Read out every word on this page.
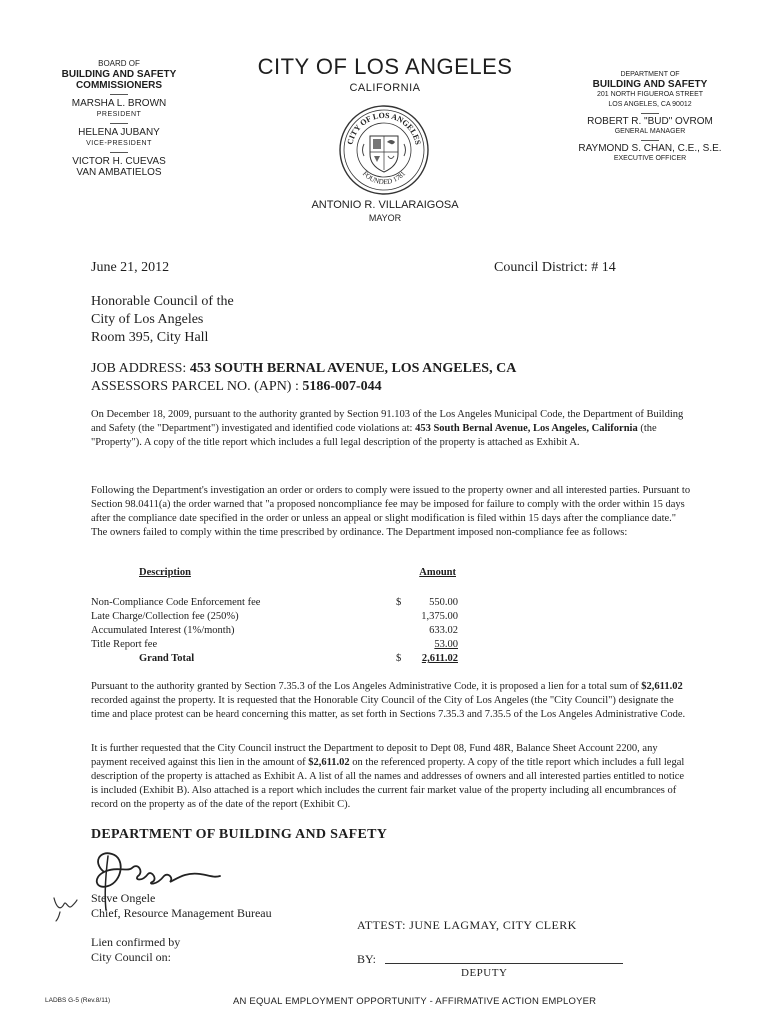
BOARD OF
BUILDING AND SAFETY
COMMISSIONERS
MARSHA L. BROWN
PRESIDENT
HELENA JUBANY
VICE-PRESIDENT
VICTOR H. CUEVAS
VAN AMBATIELOS
CITY OF LOS ANGELES
CALIFORNIA
CITY OF LOS ANGELES
FOUNDED 1781
ANTONIO R. VILLARAIGOSA
MAYOR
DEPARTMENT OF
BUILDING AND SAFETY
201 NORTH FIGUEROA STREET
LOS ANGELES, CA 90012
ROBERT R. "BUD" OVROM
GENERAL MANAGER
RAYMOND S. CHAN, C.E., S.E.
EXECUTIVE OFFICER
June 21, 2012	Council District: # 14
Honorable Council of the
City of Los Angeles
Room 395, City Hall
JOB ADDRESS: 453 SOUTH BERNAL AVENUE, LOS ANGELES, CA
ASSESSORS PARCEL NO. (APN) : 5186-007-044
On December 18, 2009, pursuant to the authority granted by Section 91.103 of the Los Angeles Municipal Code, the Department of Building and Safety (the "Department") investigated and identified code violations at: 453 South Bernal Avenue, Los Angeles, California (the "Property"). A copy of the title report which includes a full legal description of the property is attached as Exhibit A.
Following the Department's investigation an order or orders to comply were issued to the property owner and all interested parties. Pursuant to Section 98.0411(a) the order warned that "a proposed noncompliance fee may be imposed for failure to comply with the order within 15 days after the compliance date specified in the order or unless an appeal or slight modification is filed within 15 days after the compliance date." The owners failed to comply within the time prescribed by ordinance. The Department imposed non-compliance fee as follows:
Description	Amount
Non-Compliance Code Enforcement fee	$	550.00
Late Charge/Collection fee (250%)	1,375.00
Accumulated Interest (1%/month)	633.02
Title Report fee	53.00
Grand Total	$ 2,611.02
Pursuant to the authority granted by Section 7.35.3 of the Los Angeles Administrative Code, it is proposed a lien for a total sum of $2,611.02 recorded against the property. It is requested that the Honorable City Council of the City of Los Angeles (the "City Council") designate the time and place protest can be heard concerning this matter, as set forth in Sections 7.35.3 and 7.35.5 of the Los Angeles Administrative Code.
It is further requested that the City Council instruct the Department to deposit to Dept 08, Fund 48R, Balance Sheet Account 2200, any payment received against this lien in the amount of $2,611.02 on the referenced property. A copy of the title report which includes a full legal description of the property is attached as Exhibit A. A list of all the names and addresses of owners and all interested parties entitled to notice is included (Exhibit B). Also attached is a report which includes the current fair market value of the property including all encumbrances of record on the property as of the date of the report (Exhibit C).
DEPARTMENT OF BUILDING AND SAFETY
Steve Ongele
Chief, Resource Management Bureau
ATTEST: JUNE LAGMAY, CITY CLERK
Lien confirmed by
City Council on:	BY:
DEPUTY
LADBS G-5 (Rev.8/11)	AN EQUAL EMPLOYMENT OPPORTUNITY - AFFIRMATIVE ACTION EMPLOYER
